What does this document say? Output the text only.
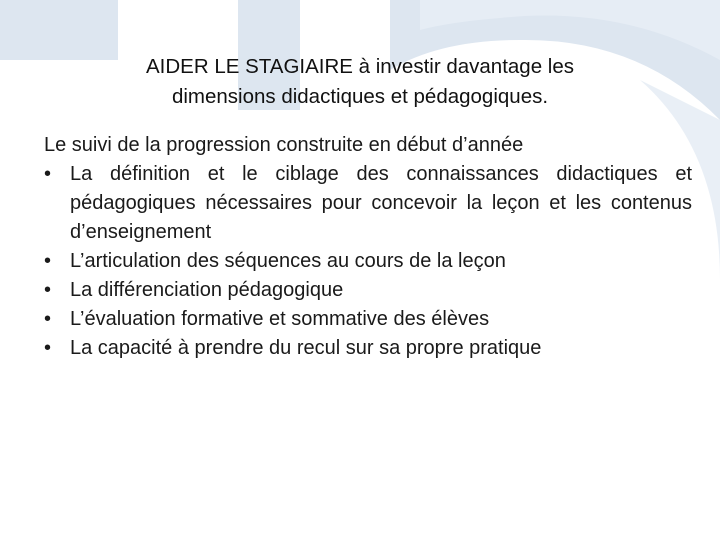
AIDER LE STAGIAIRE à investir davantage les
dimensions didactiques et pédagogiques.
Le suivi de la progression construite en début d’année
• La définition et le ciblage des connaissances didactiques et pédagogiques nécessaires pour concevoir la leçon et les contenus d’enseignement
• L’articulation des séquences au cours de la leçon
• La différenciation pédagogique
• L’évaluation formative et sommative des élèves
• La capacité à prendre du recul sur sa propre pratique
